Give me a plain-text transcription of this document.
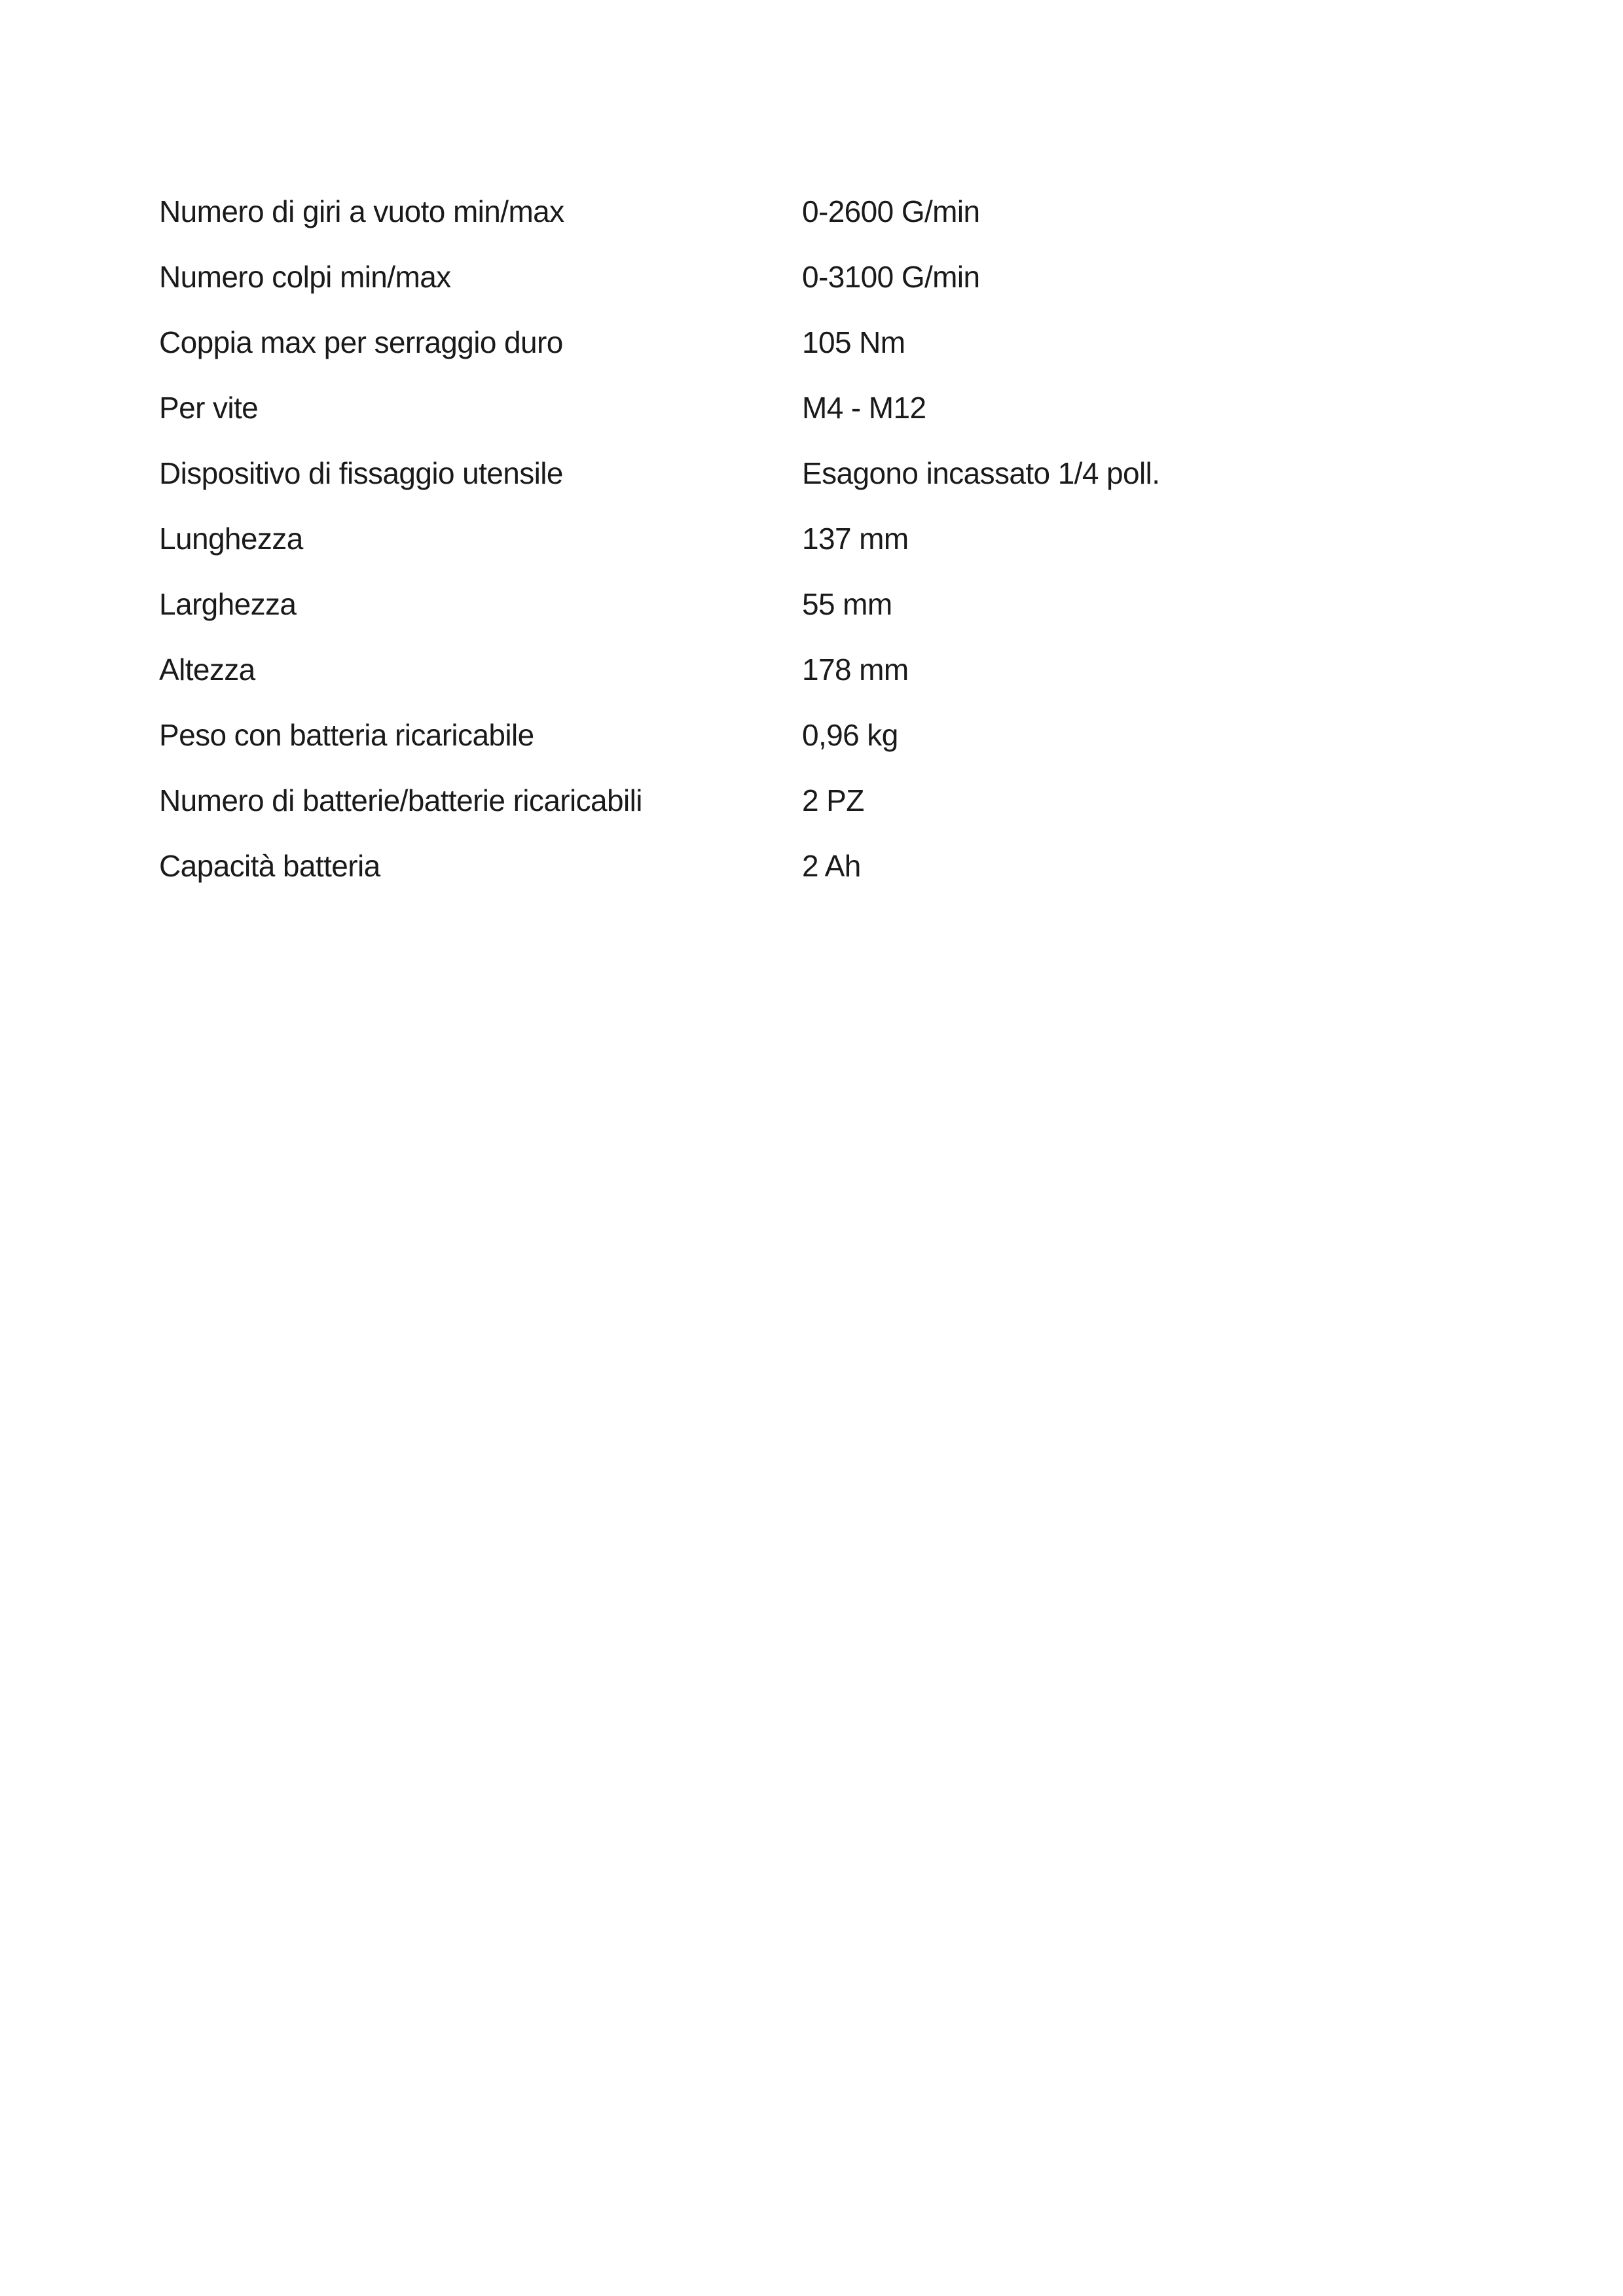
Numero di giri a vuoto min/max	0-2600 G/min
Numero colpi min/max	0-3100 G/min
Coppia max per serraggio duro	105 Nm
Per vite	M4 - M12
Dispositivo di fissaggio utensile	Esagono incassato 1/4 poll.
Lunghezza	137 mm
Larghezza	55 mm
Altezza	178 mm
Peso con batteria ricaricabile	0,96 kg
Numero di batterie/batterie ricaricabili	2 PZ
Capacità batteria	2 Ah
